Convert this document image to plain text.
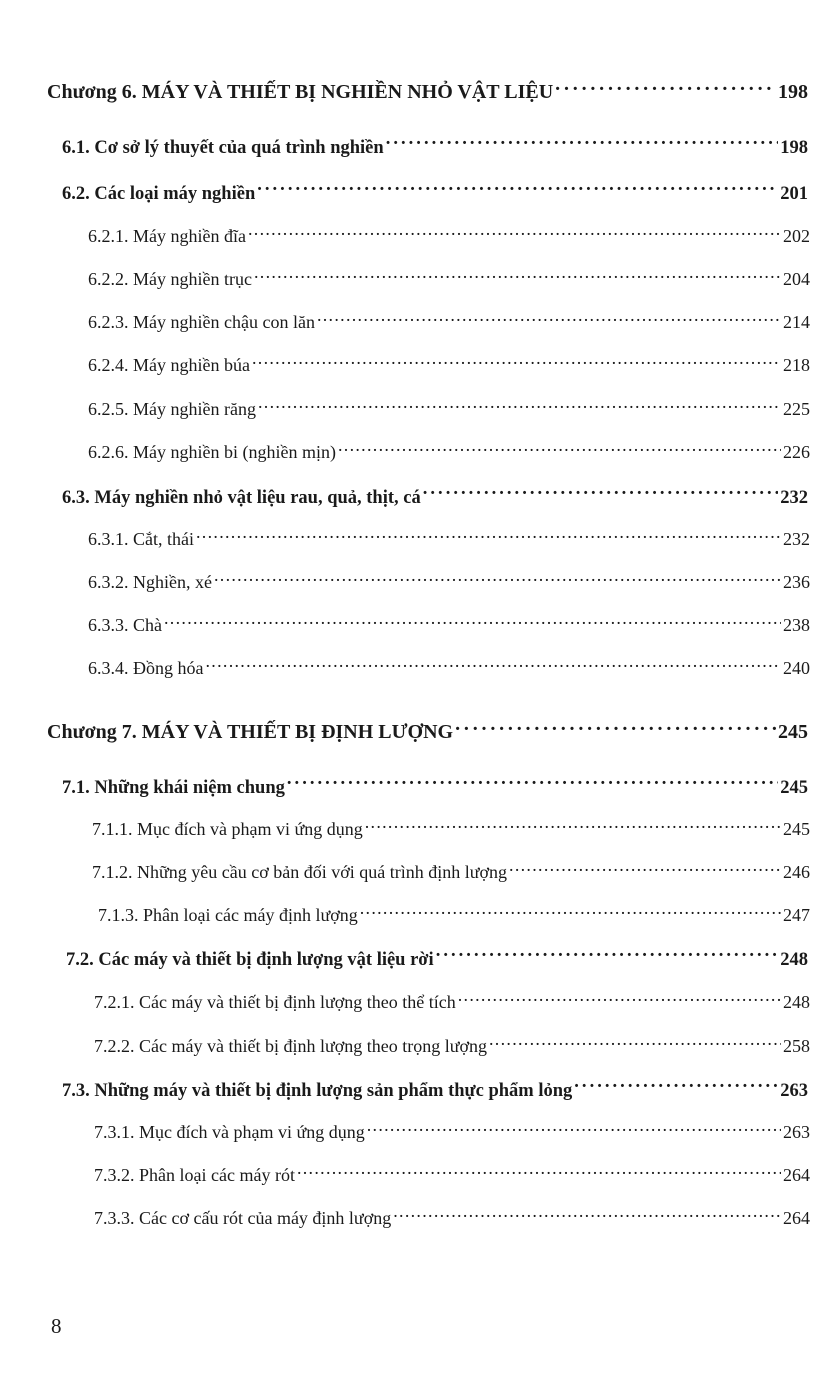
Chương 6. MÁY VÀ THIẾT BỊ NGHIỀN NHỎ VẬT LIỆU . . .	198
6.1. Cơ sở lý thuyết của quá trình nghiền . . .	198
6.2. Các loại máy nghiền . . .	201
6.2.1. Máy nghiền đĩa . . .	202
6.2.2. Máy nghiền trục . . .	204
6.2.3. Máy nghiền chậu con lăn . . .	214
6.2.4. Máy nghiền búa . . .	218
6.2.5. Máy nghiền răng . . .	225
6.2.6. Máy nghiền bi (nghiền mịn) . . .	226
6.3. Máy nghiền nhỏ vật liệu rau, quả, thịt, cá . . .	232
6.3.1. Cắt, thái . . .	232
6.3.2. Nghiền, xé . . .	236
6.3.3. Chà . . .	238
6.3.4. Đồng hóa . . .	240
Chương 7. MÁY VÀ THIẾT BỊ ĐỊNH LƯỢNG . . .	245
7.1. Những khái niệm chung . . .	245
7.1.1. Mục đích và phạm vi ứng dụng . . .	245
7.1.2. Những yêu cầu cơ bản đối với quá trình định lượng . . .	246
7.1.3. Phân loại các máy định lượng . . .	247
7.2. Các máy và thiết bị định lượng vật liệu rời . . .	248
7.2.1. Các máy và thiết bị định lượng theo thể tích . . .	248
7.2.2. Các máy và thiết bị định lượng theo trọng lượng . . .	258
7.3. Những máy và thiết bị định lượng sản phẩm thực phẩm lỏng . . .	263
7.3.1. Mục đích và phạm vi ứng dụng . . .	263
7.3.2. Phân loại các máy rót . . .	264
7.3.3. Các cơ cấu rót của máy định lượng . . .	264
8
